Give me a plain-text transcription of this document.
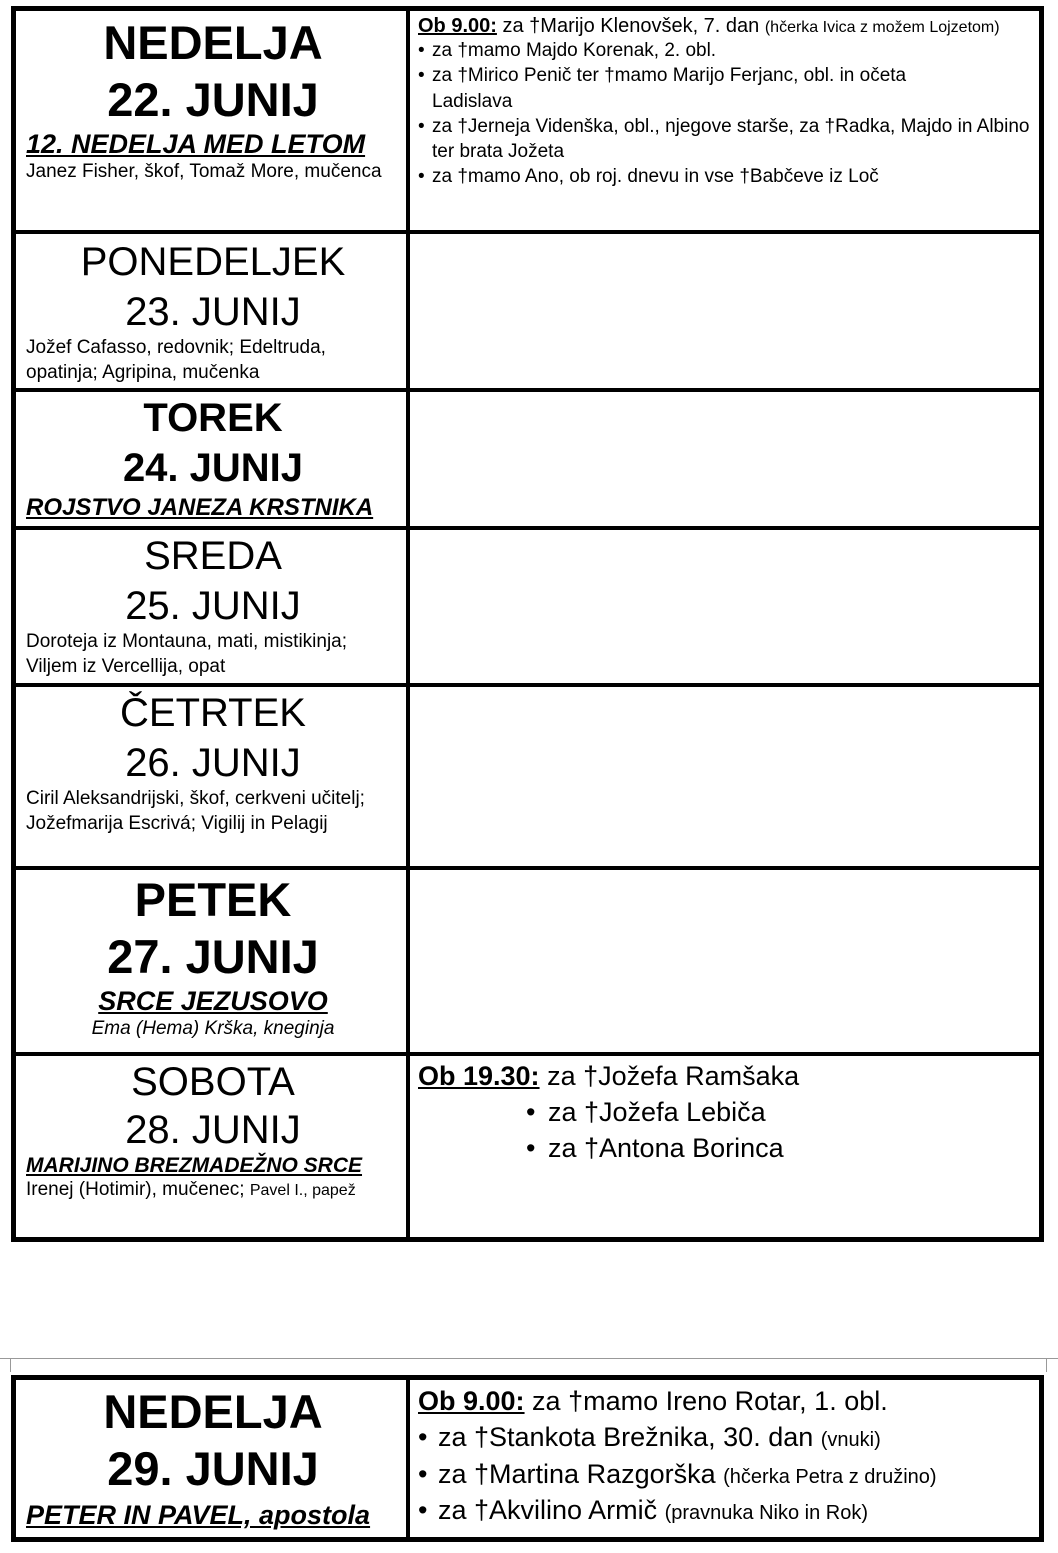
NEDELJA
22. JUNIJ
12. NEDELJA MED LETOM
Janez Fisher, škof, Tomaž More, mučenca
Ob 9.00: za †Marijo Klenovšek, 7. dan (hčerka Ivica z možem Lojzetom)
• za †mamo Majdo Korenak, 2. obl.
• za †Mirico Penič ter †mamo Marijo Ferjanc, obl. in očeta Ladislava
• za †Jerneja Videnška, obl., njegove starše, za †Radka, Majdo in Albino ter brata Jožeta
• za †mamo Ano, ob roj. dnevu in vse †Babčeve iz Loč
PONEDELJEK
23. JUNIJ
Jožef Cafasso, redovnik; Edeltruda, opatinja; Agripina, mučenka
TOREK
24. JUNIJ
ROJSTVO JANEZA KRSTNIKA
SREDA
25. JUNIJ
Doroteja iz Montauna, mati, mistikinja; Viljem iz Vercellija, opat
ČETRTEK
26. JUNIJ
Ciril Aleksandrijski, škof, cerkveni učitelj; Jožefmarija Escrivá; Vigilij in Pelagij
PETEK
27. JUNIJ
SRCE JEZUSOVO
Ema (Hema) Krška, kneginja
SOBOTA
28. JUNIJ
MARIJINO BREZMADEŽNO SRCE
Irenej (Hotimir), mučenec; Pavel I., papež
Ob 19.30: za †Jožefa Ramšaka
• za †Jožefa Lebiča
• za †Antona Borinca
NEDELJA
29. JUNIJ
PETER IN PAVEL, apostola
Ob 9.00: za †mamo Ireno Rotar, 1. obl.
• za †Stankota Brežnika, 30. dan (vnuki)
• za †Martina Razgorška (hčerka Petra z družino)
• za †Akvilino Armič (pravnuka Niko in Rok)
